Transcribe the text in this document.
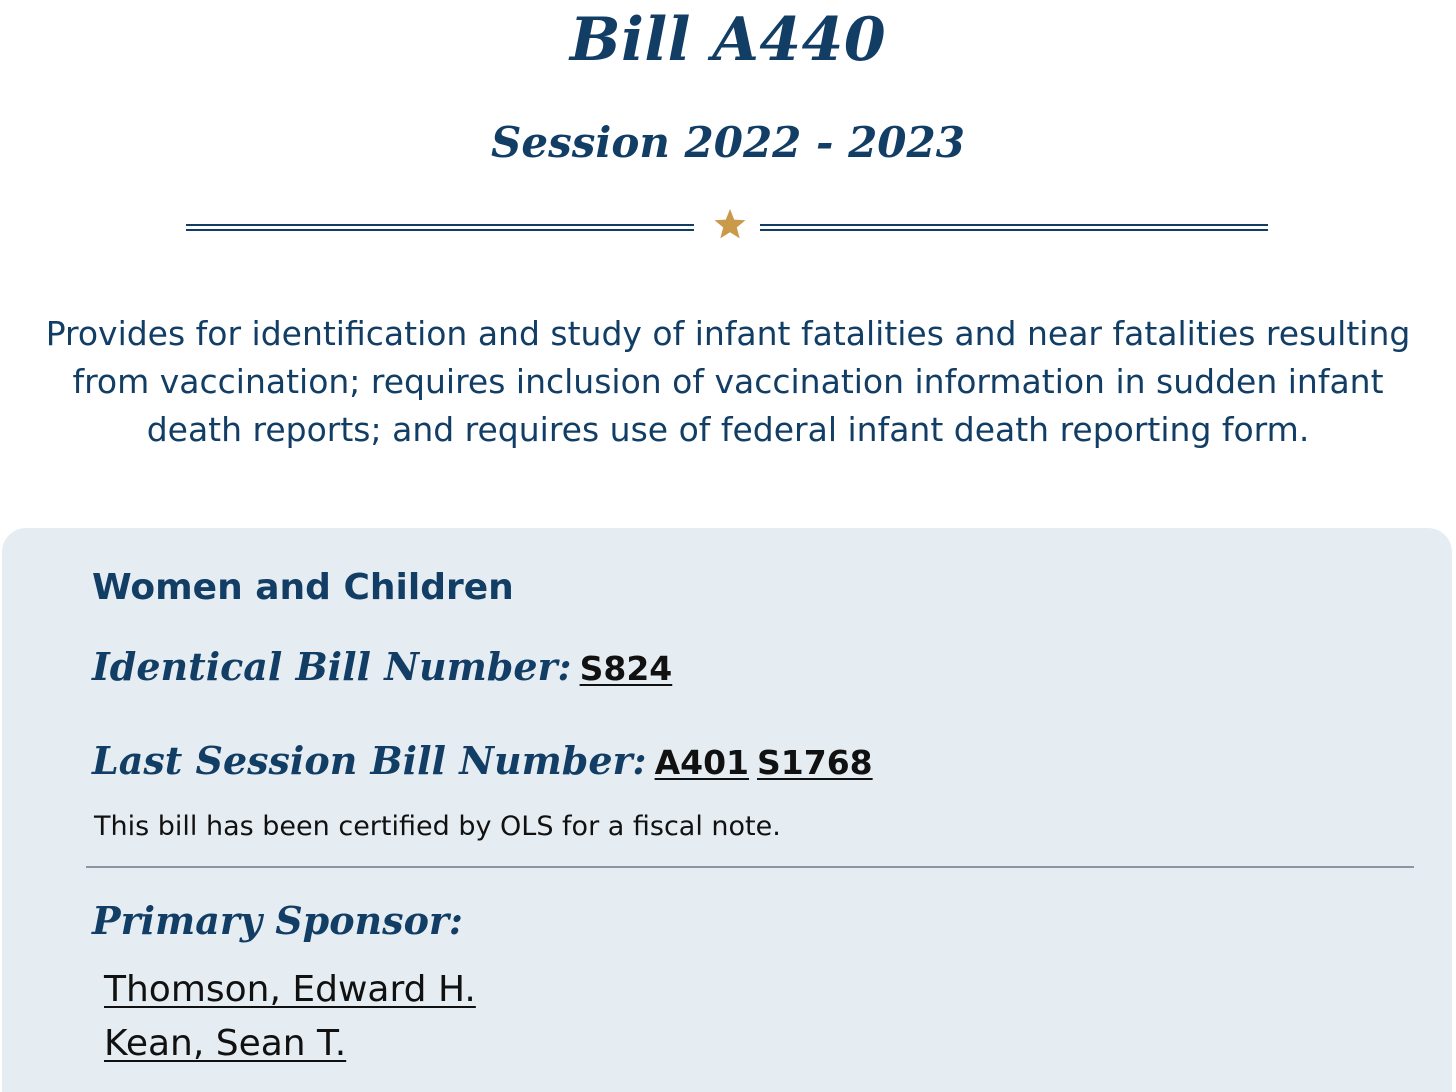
Bill A440
Session 2022 - 2023

Provides for identification and study of infant fatalities and near fatalities resulting from vaccination; requires inclusion of vaccination information in sudden infant death reports; and requires use of federal infant death reporting form.

Women and Children

Identical Bill Number: S824

Last Session Bill Number: A401 S1768

This bill has been certified by OLS for a fiscal note.

Primary Sponsor:

Thomson, Edward H.
Kean, Sean T.
